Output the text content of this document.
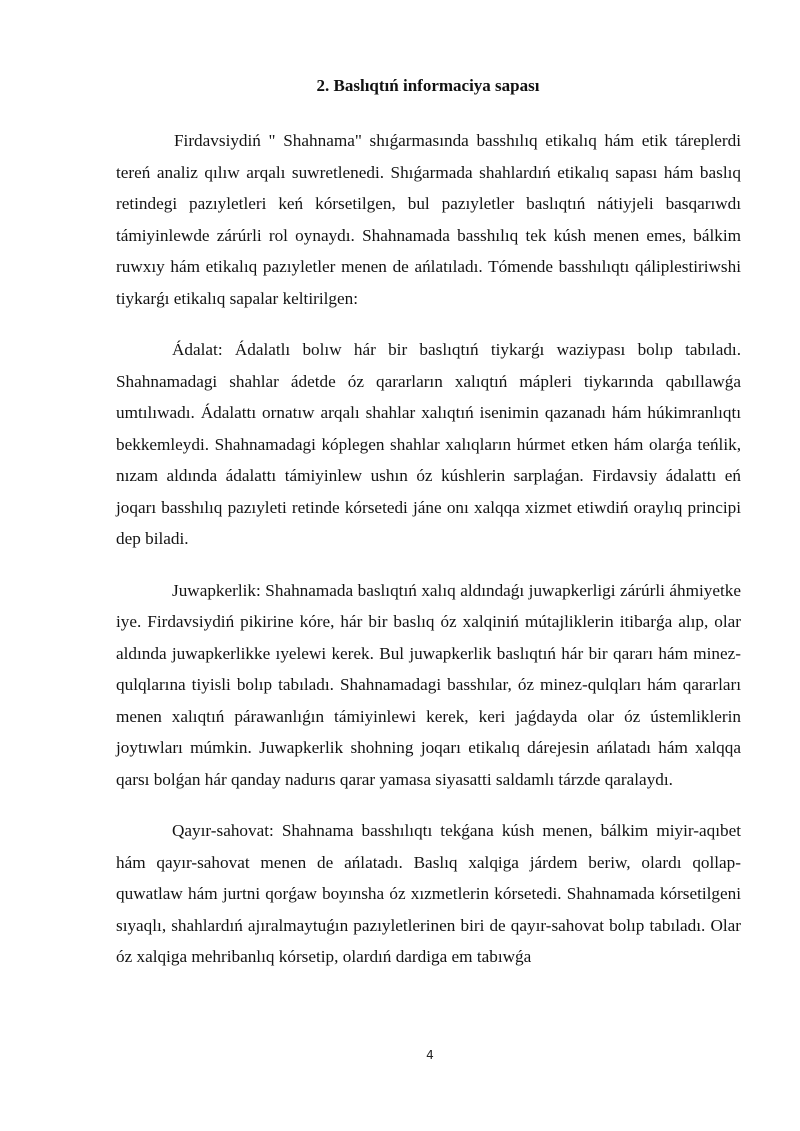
2. Baslıqtıń informaciya sapası

Firdavsiydiń " Shahnama" shıǵarmasında basshılıq etikalıq hám etik táreplerdi tereń analiz qılıw arqalı suwretlenedi. Shıǵarmada shahlardıń etikalıq sapası hám baslıq retindegi pazıyletleri keń kórsetilgen, bul pazıyletler baslıqtıń nátiyjeli basqarıwdı támiyinlewde zárúrli rol oynaydı. Shahnamada basshılıq tek kúsh menen emes, bálkim ruwxıy hám etikalıq pazıyletler menen de ańlatıladı. Tómende basshılıqtı qáliplestiriwshi tiykarǵı etikalıq sapalar keltirilgen:

Ádalat: Ádalatlı bolıw hár bir baslıqtıń tiykarǵı waziypası bolıp tabıladı. Shahnamadagi shahlar ádetde óz qararların xalıqtıń mápleri tiykarında qabıllawǵa umtılıwadı. Ádalattı ornatıw arqalı shahlar xalıqtıń isenimin qazanadı hám húkimranlıqtı bekkemleydi. Shahnamadagi kóplegen shahlar xalıqların húrmet etken hám olarǵa teńlik, nızam aldında ádalattı támiyinlew ushın óz kúshlerin sarplaǵan. Firdavsiy ádalattı eń joqarı basshılıq pazıyleti retinde kórsetedi jáne onı xalqqa xizmet etiwdiń oraylıq principi dep biladi.

Juwapkerlik: Shahnamada baslıqtıń xalıq aldındaǵı juwapkerligi zárúrli áhmiyetke iye. Firdavsiydiń pikirine kóre, hár bir baslıq óz xalqiniń mútajliklerin itibarǵa alıp, olar aldında juwapkerlikke ıyelewi kerek. Bul juwapkerlik baslıqtıń hár bir qararı hám minez-qulqlarına tiyisli bolıp tabıladı. Shahnamadagi basshılar, óz minez-qulqları hám qararları menen xalıqtıń párawanlıǵın támiyinlewi kerek, keri jaǵdayda olar óz ústemliklerin joytıwları múmkin. Juwapkerlik shohning joqarı etikalıq dárejesin ańlatadı hám xalqqa qarsı bolǵan hár qanday nadurıs qarar yamasa siyasatti saldamlı tárzde qaralaydı.

Qayır-sahovat: Shahnama basshılıqtı tekǵana kúsh menen, bálkim miyir-aqıbet hám qayır-sahovat menen de ańlatadı. Baslıq xalqiga járdem beriw, olardı qollap-quwatlaw hám jurtni qorǵaw boyınsha óz xızmetlerin kórsetedi. Shahnamada kórsetilgeni sıyaqlı, shahlardıń ajıralmaytuǵın pazıyletlerinen biri de qayır-sahovat bolıp tabıladı. Olar óz xalqiga mehribanlıq kórsetip, olardıń dardiga em tabıwǵa

4
